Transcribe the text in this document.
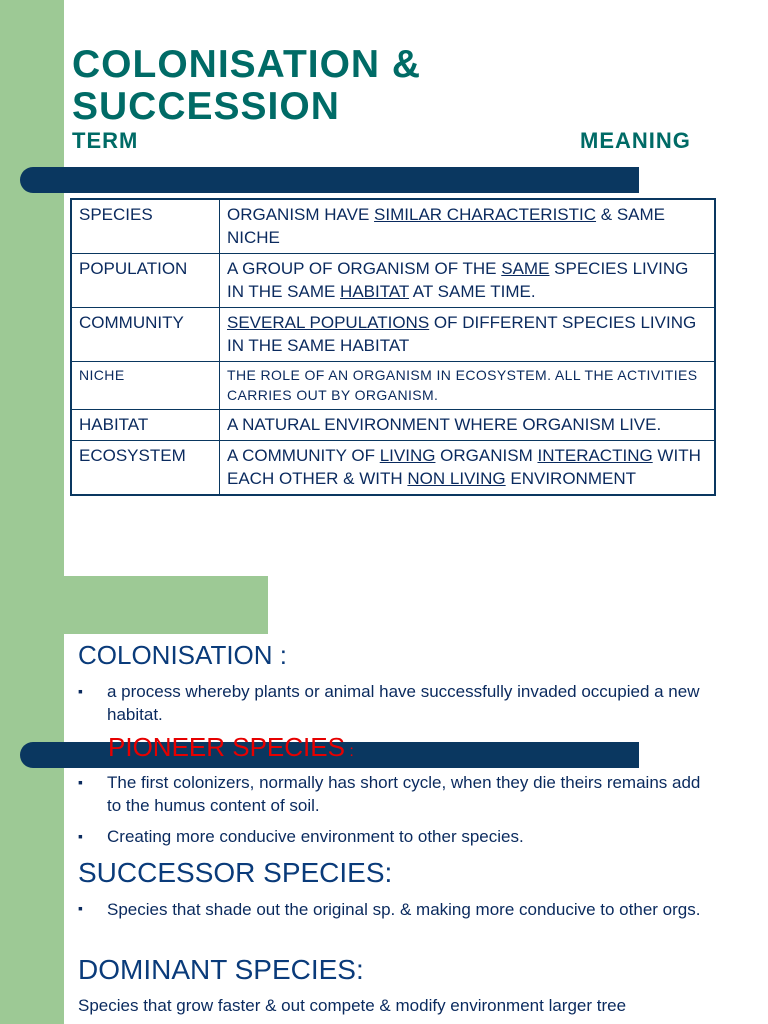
COLONISATION &
SUCCESSION
TERM	MEANING
SPECIES	ORGANISM HAVE SIMILAR CHARACTERISTIC & SAME NICHE
POPULATION	A GROUP OF ORGANISM OF THE SAME SPECIES LIVING IN THE SAME HABITAT AT SAME TIME.
COMMUNITY	SEVERAL POPULATIONS OF DIFFERENT SPECIES LIVING IN THE SAME HABITAT
NICHE	THE ROLE OF AN ORGANISM IN ECOSYSTEM. ALL THE ACTIVITIES CARRIES OUT BY ORGANISM.
HABITAT	A NATURAL ENVIRONMENT WHERE ORGANISM LIVE.
ECOSYSTEM	A COMMUNITY OF LIVING ORGANISM INTERACTING WITH EACH OTHER & WITH NON LIVING ENVIRONMENT
COLONISATION :
▪ a process whereby plants or animal have successfully invaded occupied a new habitat.
PIONEER SPECIES :
▪ The first colonizers, normally has short cycle, when they die theirs remains add to the humus content of soil.
▪ Creating more conducive environment to other species.
SUCCESSOR SPECIES:
▪ Species that shade out the original sp. & making more conducive to other orgs.
DOMINANT SPECIES:
Species that grow faster & out compete & modify environment larger tree
